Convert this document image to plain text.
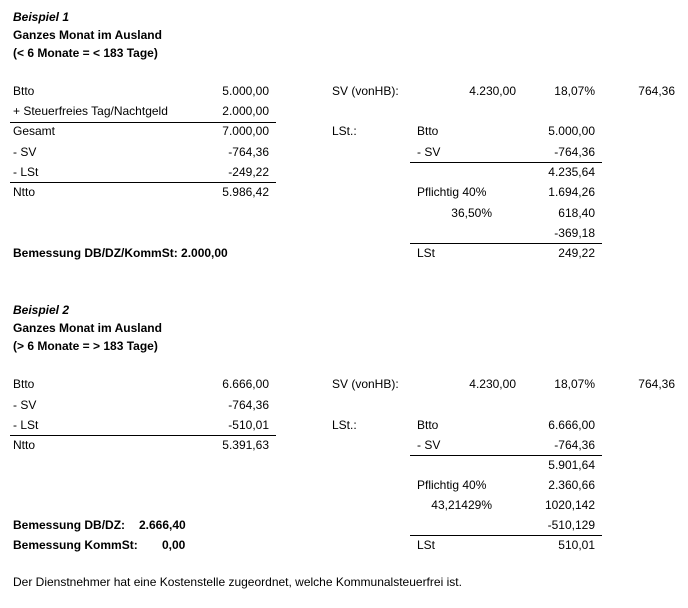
Beispiel 1
Ganzes Monat im Ausland
(< 6 Monate = < 183 Tage)
Btto	5.000,00
+ Steuerfreies Tag/Nachtgeld	2.000,00
Gesamt	7.000,00
- SV	-764,36
- LSt	-249,22
Ntto	5.986,42
SV (vonHB):	4.230,00	18,07%	764,36
LSt.:	Btto	5.000,00
- SV	-764,36
4.235,64
Pflichtig 40%	1.694,26
36,50%	618,40
-369,18
LSt	249,22
Bemessung DB/DZ/KommSt: 2.000,00
Beispiel 2
Ganzes Monat im Ausland
(> 6 Monate = > 183 Tage)
Btto	6.666,00
- SV	-764,36
- LSt	-510,01
Ntto	5.391,63
SV (vonHB):	4.230,00	18,07%	764,36
LSt.:	Btto	6.666,00
- SV	-764,36
5.901,64
Pflichtig 40%	2.360,66
43,21429%	1020,142
-510,129
LSt	510,01
Bemessung DB/DZ: 2.666,40
Bemessung KommSt: 0,00
Der Dienstnehmer hat eine Kostenstelle zugeordnet, welche Kommunalsteuerfrei ist.
